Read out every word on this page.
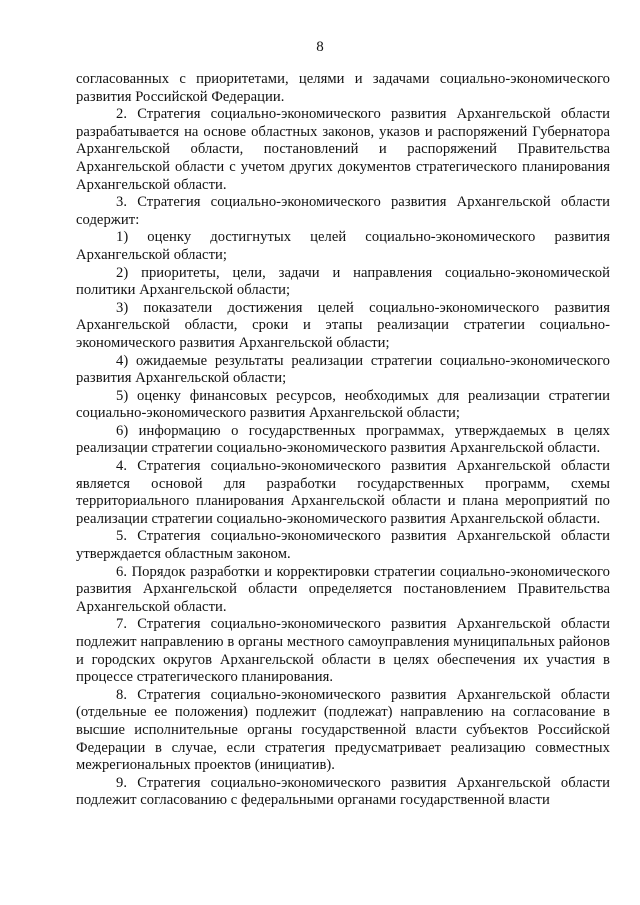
8

согласованных с приоритетами, целями и задачами социально-экономического развития Российской Федерации.

2. Стратегия социально-экономического развития Архангельской области разрабатывается на основе областных законов, указов и распоряжений Губернатора Архангельской области, постановлений и распоряжений Правительства Архангельской области с учетом других документов стратегического планирования Архангельской области.

3. Стратегия социально-экономического развития Архангельской области содержит:

1) оценку достигнутых целей социально-экономического развития Архангельской области;

2) приоритеты, цели, задачи и направления социально-экономической политики Архангельской области;

3) показатели достижения целей социально-экономического развития Архангельской области, сроки и этапы реализации стратегии социально-экономического развития Архангельской области;

4) ожидаемые результаты реализации стратегии социально-экономического развития Архангельской области;

5) оценку финансовых ресурсов, необходимых для реализации стратегии социально-экономического развития Архангельской области;

6) информацию о государственных программах, утверждаемых в целях реализации стратегии социально-экономического развития Архангельской области.

4. Стратегия социально-экономического развития Архангельской области является основой для разработки государственных программ, схемы территориального планирования Архангельской области и плана мероприятий по реализации стратегии социально-экономического развития Архангельской области.

5. Стратегия социально-экономического развития Архангельской области утверждается областным законом.

6. Порядок разработки и корректировки стратегии социально-экономического развития Архангельской области определяется постановлением Правительства Архангельской области.

7. Стратегия социально-экономического развития Архангельской области подлежит направлению в органы местного самоуправления муниципальных районов и городских округов Архангельской области в целях обеспечения их участия в процессе стратегического планирования.

8. Стратегия социально-экономического развития Архангельской области (отдельные ее положения) подлежит (подлежат) направлению на согласование в высшие исполнительные органы государственной власти субъектов Российской Федерации в случае, если стратегия предусматривает реализацию совместных межрегиональных проектов (инициатив).

9. Стратегия социально-экономического развития Архангельской области подлежит согласованию с федеральными органами государственной власти
